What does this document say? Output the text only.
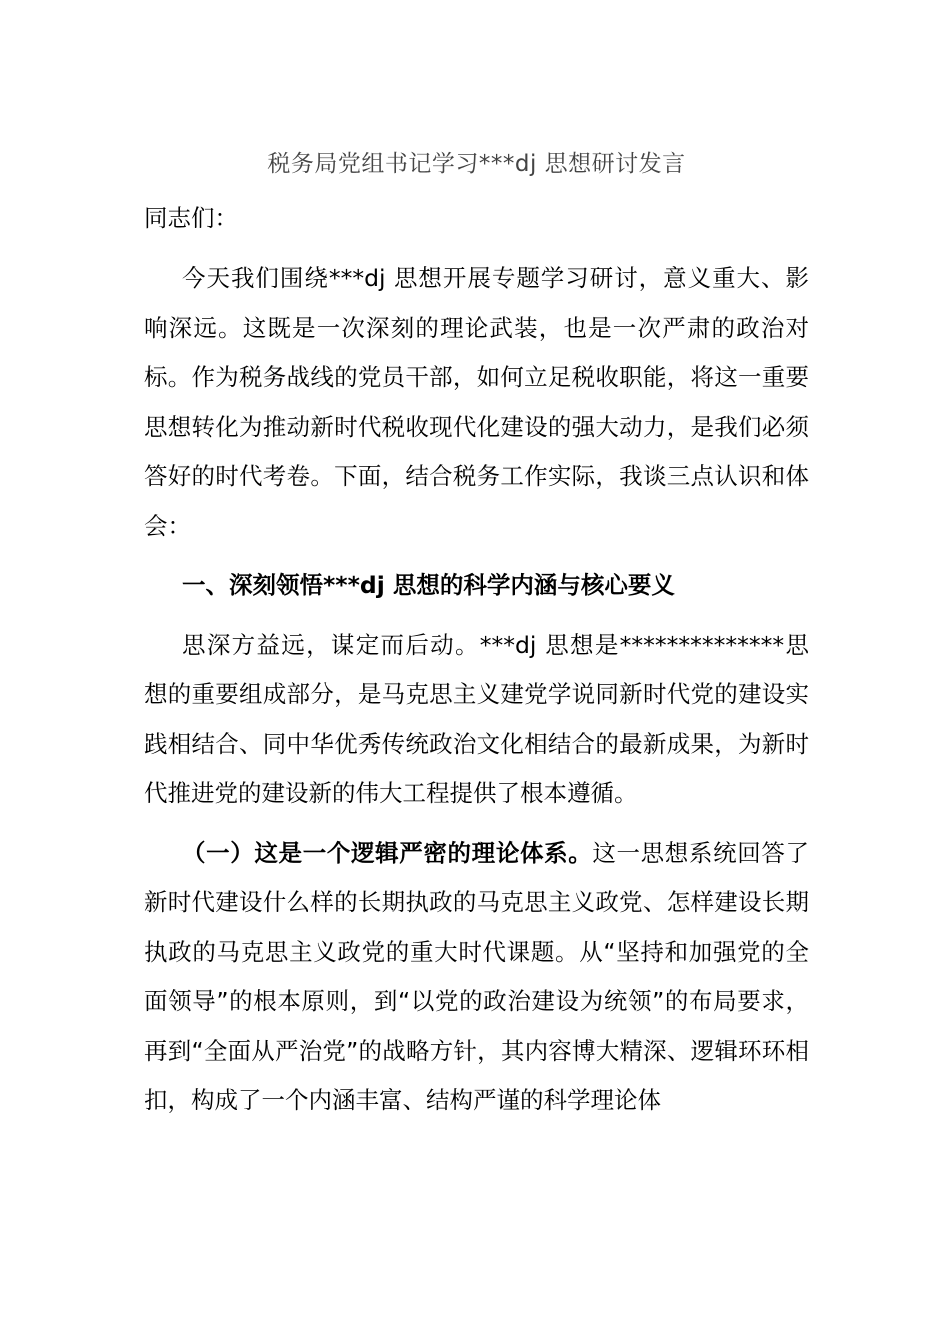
税务局党组书记学习***dj 思想研讨发言
同志们：

今天我们围绕***dj 思想开展专题学习研讨，意义重大、影响深远。这既是一次深刻的理论武装，也是一次严肃的政治对标。作为税务战线的党员干部，如何立足税收职能，将这一重要思想转化为推动新时代税收现代化建设的强大动力，是我们必须答好的时代考卷。下面，结合税务工作实际，我谈三点认识和体会：

一、深刻领悟***dj 思想的科学内涵与核心要义

思深方益远，谋定而后动。***dj 思想是**************思想的重要组成部分，是马克思主义建党学说同新时代党的建设实践相结合、同中华优秀传统政治文化相结合的最新成果，为新时代推进党的建设新的伟大工程提供了根本遵循。

（一）这是一个逻辑严密的理论体系。这一思想系统回答了新时代建设什么样的长期执政的马克思主义政党、怎样建设长期执政的马克思主义政党的重大时代课题。从“坚持和加强党的全面领导”的根本原则，到“以党的政治建设为统领”的布局要求，再到“全面从严治党”的战略方针，其内容博大精深、逻辑环环相扣，构成了一个内涵丰富、结构严谨的科学理论体
